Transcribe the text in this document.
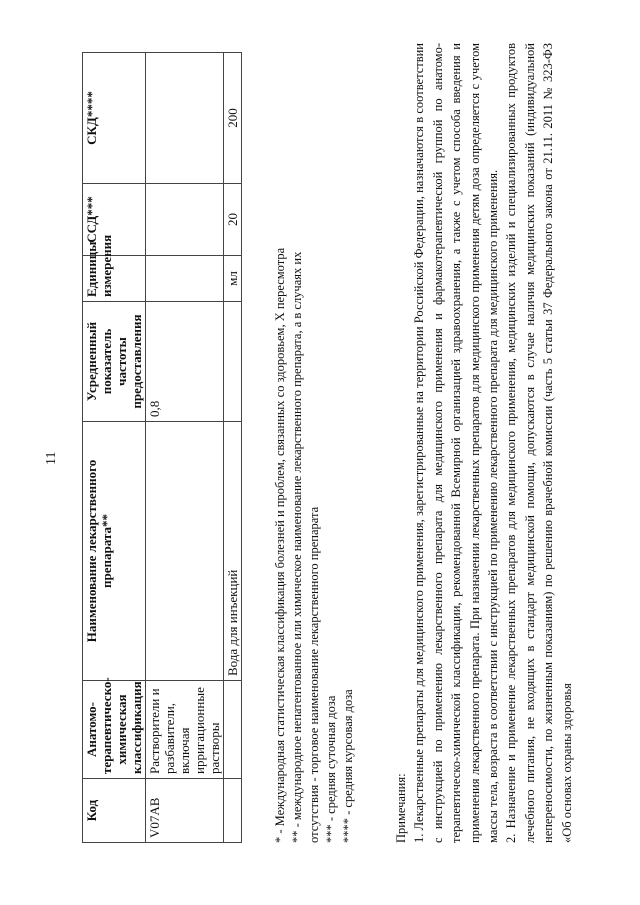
11
Код	Анатомо-терапевтическо-химическая классификация	Наименование лекарственного препарата**	Усредненный показатель частоты предоставления	Единицы измерения	ССД***	СКД****
V07AB	Растворители и разбавители, включая ирригационные растворы		0,8			
		Вода для инъекций		мл	20	200
* - Международная статистическая классификация болезней и проблем, связанных со здоровьем, X пересмотра ** - международное непатентованное или химическое наименование лекарственного препарата, а в случаях их отсутствия - торговое наименование лекарственного препарата *** - средняя суточная доза **** - средняя курсовая доза	Примечания: 1. Лекарственные препараты для медицинского применения, зарегистрированные на территории Российской Федерации, назначаются в соответствии с инструкцией по применению лекарственного препарата для медицинского применения и фармакотерапевтической группой по анатомо-терапевтическо-химической классификации, рекомендованной Всемирной организацией здравоохранения, а также с учетом способа введения и применения лекарственного препарата. При назначении лекарственных препаратов для медицинского применения детям доза определяется с учетом массы тела, возраста в соответствии с инструкцией по применению лекарственного препарата для медицинского применения. 2. Назначение и применение лекарственных препаратов для медицинского применения, медицинских изделий и специализированных продуктов лечебного питания, не входящих в стандарт медицинской помощи, допускаются в случае наличия медицинских показаний (индивидуальной непереносимости, по жизненным показаниям) по решению врачебной комиссии (часть 5 статьи 37 Федерального закона от 21.11. 2011 № 323-ФЗ «Об основах охраны здоровья
